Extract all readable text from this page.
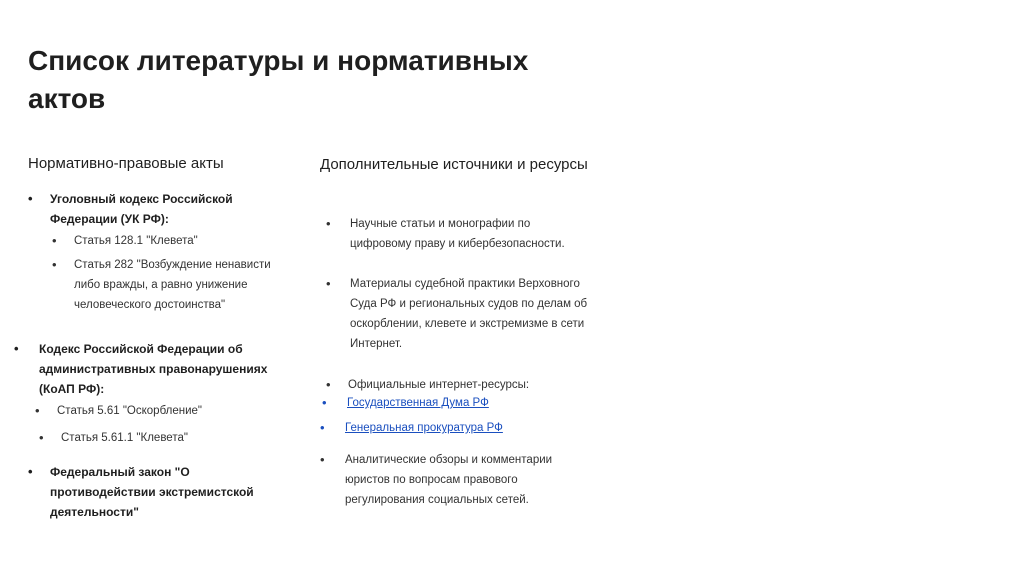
Список литературы и нормативных актов
Нормативно-правовые акты
• Уголовный кодекс Российской Федерации (УК РФ):
• Статья 128.1 "Клевета"
• Статья 282 "Возбуждение ненависти либо вражды, а равно унижение человеческого достоинства"
• Кодекс Российской Федерации об административных правонарушениях (КоАП РФ):
• Статья 5.61 "Оскорбление"
• Статья 5.61.1 "Клевета"
• Федеральный закон "О противодействии экстремистской деятельности"
Дополнительные источники и ресурсы
• Научные статьи и монографии по цифровому праву и кибербезопасности.
• Материалы судебной практики Верховного Суда РФ и региональных судов по делам об оскорблении, клевете и экстремизме в сети Интернет.
• Официальные интернет-ресурсы:
• Государственная Дума РФ
• Генеральная прокуратура РФ
• Аналитические обзоры и комментарии юристов по вопросам правового регулирования социальных сетей.
